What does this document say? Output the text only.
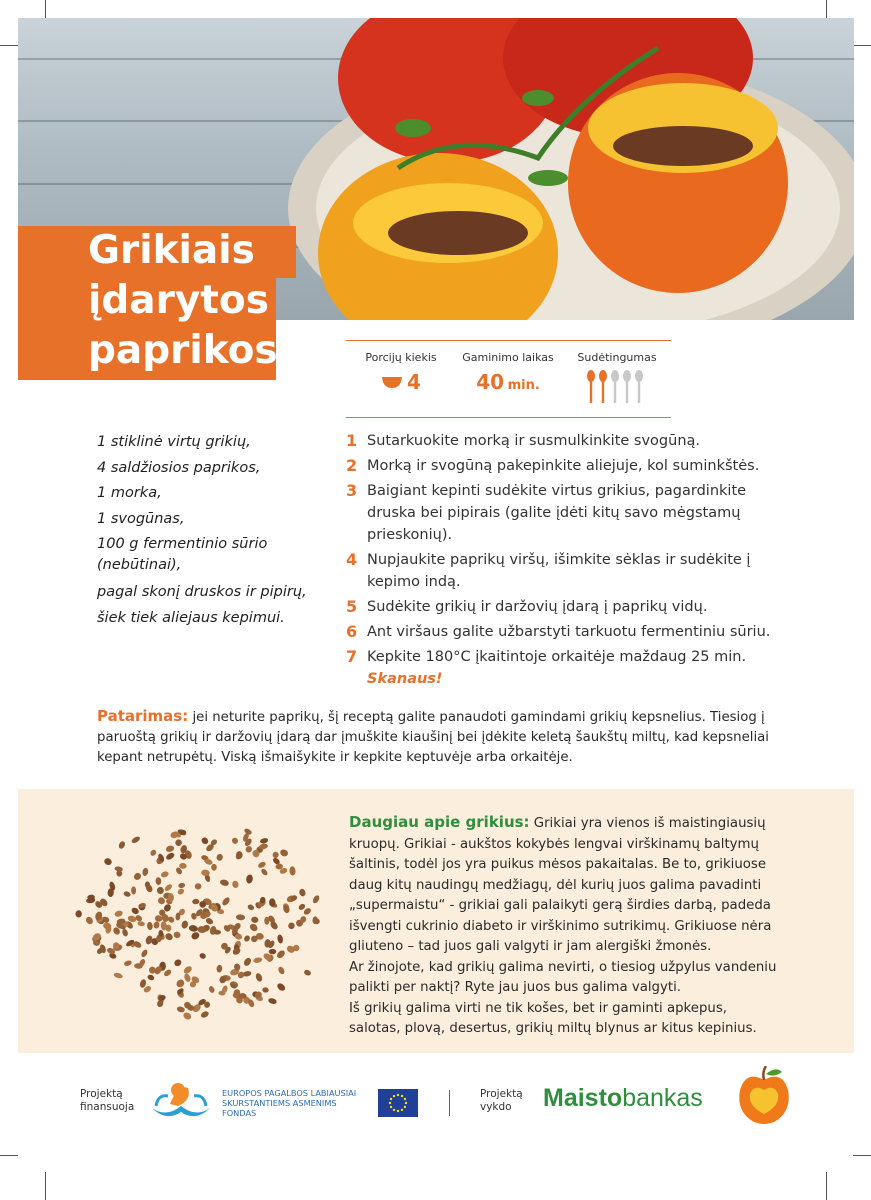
Grikiais
įdarytos
paprikos	Porcijų kiekis
4
Gaminimo laikas
40 min.
Sudėtingumas
1 stiklinė virtų grikių,
4 saldžiosios paprikos,
1 morka,
1 svogūnas,
100 g fermentinio sūrio (nebūtinai),
pagal skonį druskos ir pipirų,
šiek tiek aliejaus kepimui.
1 Sutarkuokite morką ir susmulkinkite svogūną.
2 Morką ir svogūną pakepinkite aliejuje, kol suminkštės.
3 Baigiant kepinti sudėkite virtus grikius, pagardinkite druska bei pipirais (galite įdėti kitų savo mėgstamų prieskonių).
4 Nupjaukite paprikų viršų, išimkite sėklas ir sudėkite į kepimo indą.
5 Sudėkite grikių ir daržovių įdarą į paprikų vidų.
6 Ant viršaus galite užbarstyti tarkuotu fermentiniu sūriu.
7 Kepkite 180°C įkaitintoje orkaitėje maždaug 25 min.
Skanaus!
Patarimas: jei neturite paprikų, šį receptą galite panaudoti gamindami grikių kepsnelius. Tiesiog į paruoštą grikių ir daržovių įdarą dar įmuškite kiaušinį bei įdėkite keletą šaukštų miltų, kad kepsneliai kepant netrupėtų. Viską išmaišykite ir kepkite keptuvėje arba orkaitėje.

Daugiau apie grikius: Grikiai yra vienos iš maistingiausių kruopų. Grikiai - aukštos kokybės lengvai virškinamų baltymų šaltinis, todėl jos yra puikus mėsos pakaitalas. Be to, grikiuose daug kitų naudingų medžiagų, dėl kurių juos galima pavadinti „supermaistu“ - grikiai gali palaikyti gerą širdies darbą, padeda išvengti cukrinio diabeto ir virškinimo sutrikimų. Grikiuose nėra gliuteno – tad juos gali valgyti ir jam alergiški žmonės.

Ar žinojote, kad grikių galima nevirti, o tiesiog užpylus vandeniu palikti per naktį? Ryte jau juos bus galima valgyti.

Iš grikių galima virti ne tik košes, bet ir gaminti apkepus, salotas, plovą, desertus, grikių miltų blynus ar kitus kepinius.

Projektą
finansuoja
EUROPOS PAGALBOS LABIAUSIAI
SKURSTANTIEMS ASMENIMS
FONDAS
Projektą
vykdo	Maistobankas
